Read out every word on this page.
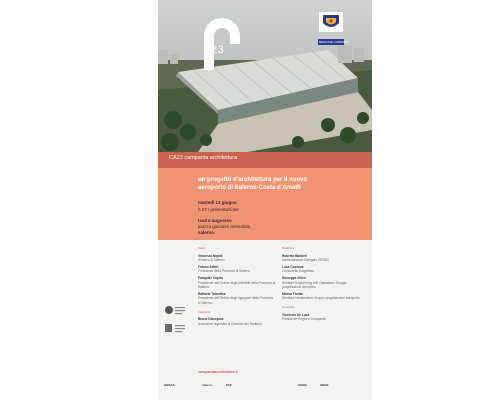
23
REGIONE CAMPANIA
CA23 campania architettura
un progetto d’architettura per il nuovo
aeroporto di Salerno-Costa d’Amalfi
martedì 13 giugno
h 17 / presentazione
teatro augusteo
piazza giovanni amendola
salerno
Saluti
Vincenzo Napoli
Sindaco di Salerno
Franco Alfieri
Presidente della Provincia di Salerno
Pasquale Caprio
Presidente dell’Ordine degli Architetti della Provincia di Salerno
Raffaele Tarantino
Presidente dell’Ordine degli Ingegneri della Provincia di Salerno
Interventi
Bruno Discepolo
Assessore regionale al Governo del Territorio
Relazioni
Roberto Barbieri
Amministratore Delegato GESAC
Luca Cosenza
Consulente progettista
Giuseppe Zilieri
Direttore Engineering and Operations Gruppo progettazione Aeroporto
Milena Fiorito
Direttore Infrastrutture Gruppo progettazione Aeroporto
Conclude
Vincenzo De Luca
Presidente Regione Campania
campaniaarchitettura.it
GESAC	Salerno	FAV	ACEN	ANCE
